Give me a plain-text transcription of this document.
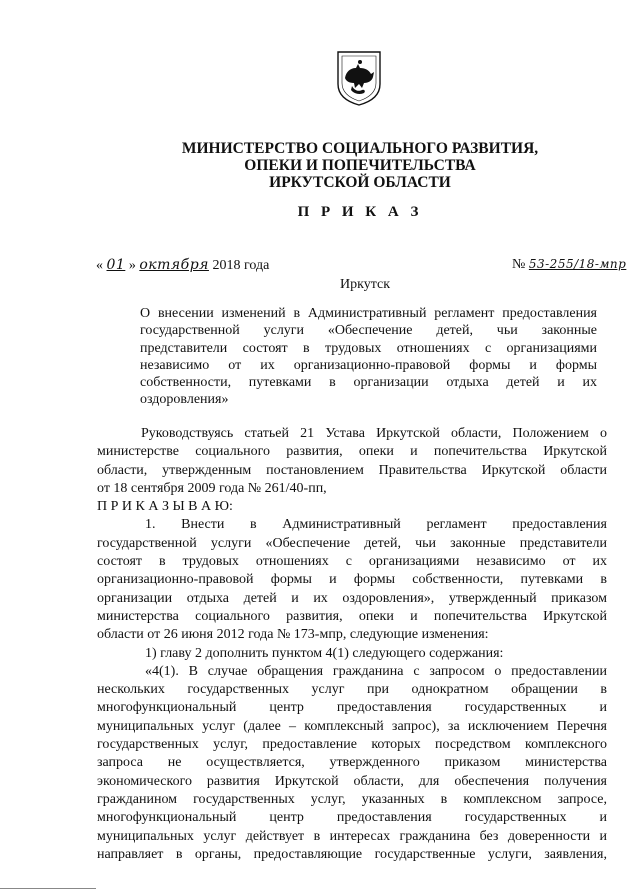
МИНИСТЕРСТВО СОЦИАЛЬНОГО РАЗВИТИЯ,
ОПЕКИ И ПОПЕЧИТЕЛЬСТВА
ИРКУТСКОЙ ОБЛАСТИ
П Р И К А З
« 01 » октября 2018 года	№ 53-255/18-мпр
Иркутск
О внесении изменений в Административный регламент предоставления
государственной услуги «Обеспечение детей, чьи законные
представители состоят в трудовых отношениях с организациями
независимо от их организационно-правовой формы и формы
собственности, путевками в организации отдыха детей и их
оздоровления»
Руководствуясь статьей 21 Устава Иркутской области, Положением о
министерстве социального развития, опеки и попечительства Иркутской
области, утвержденным постановлением Правительства Иркутской области
от 18 сентября 2009 года № 261/40-пп,
П Р И К А З Ы В А Ю:
1. Внести в Административный регламент предоставления
государственной услуги «Обеспечение детей, чьи законные представители
состоят в трудовых отношениях с организациями независимо от их
организационно-правовой формы и формы собственности, путевками в
организации отдыха детей и их оздоровления», утвержденный приказом
министерства социального развития, опеки и попечительства Иркутской
области от 26 июня 2012 года № 173-мпр, следующие изменения:
1) главу 2 дополнить пунктом 4(1) следующего содержания:
«4(1). В случае обращения гражданина с запросом о предоставлении
нескольких государственных услуг при однократном обращении в
многофункциональный центр предоставления государственных и
муниципальных услуг (далее – комплексный запрос), за исключением Перечня
государственных услуг, предоставление которых посредством комплексного
запроса не осуществляется, утвержденного приказом министерства
экономического развития Иркутской области, для обеспечения получения
гражданином государственных услуг, указанных в комплексном запросе,
многофункциональный центр предоставления государственных и
муниципальных услуг действует в интересах гражданина без доверенности и
направляет в органы, предоставляющие государственные услуги, заявления,
